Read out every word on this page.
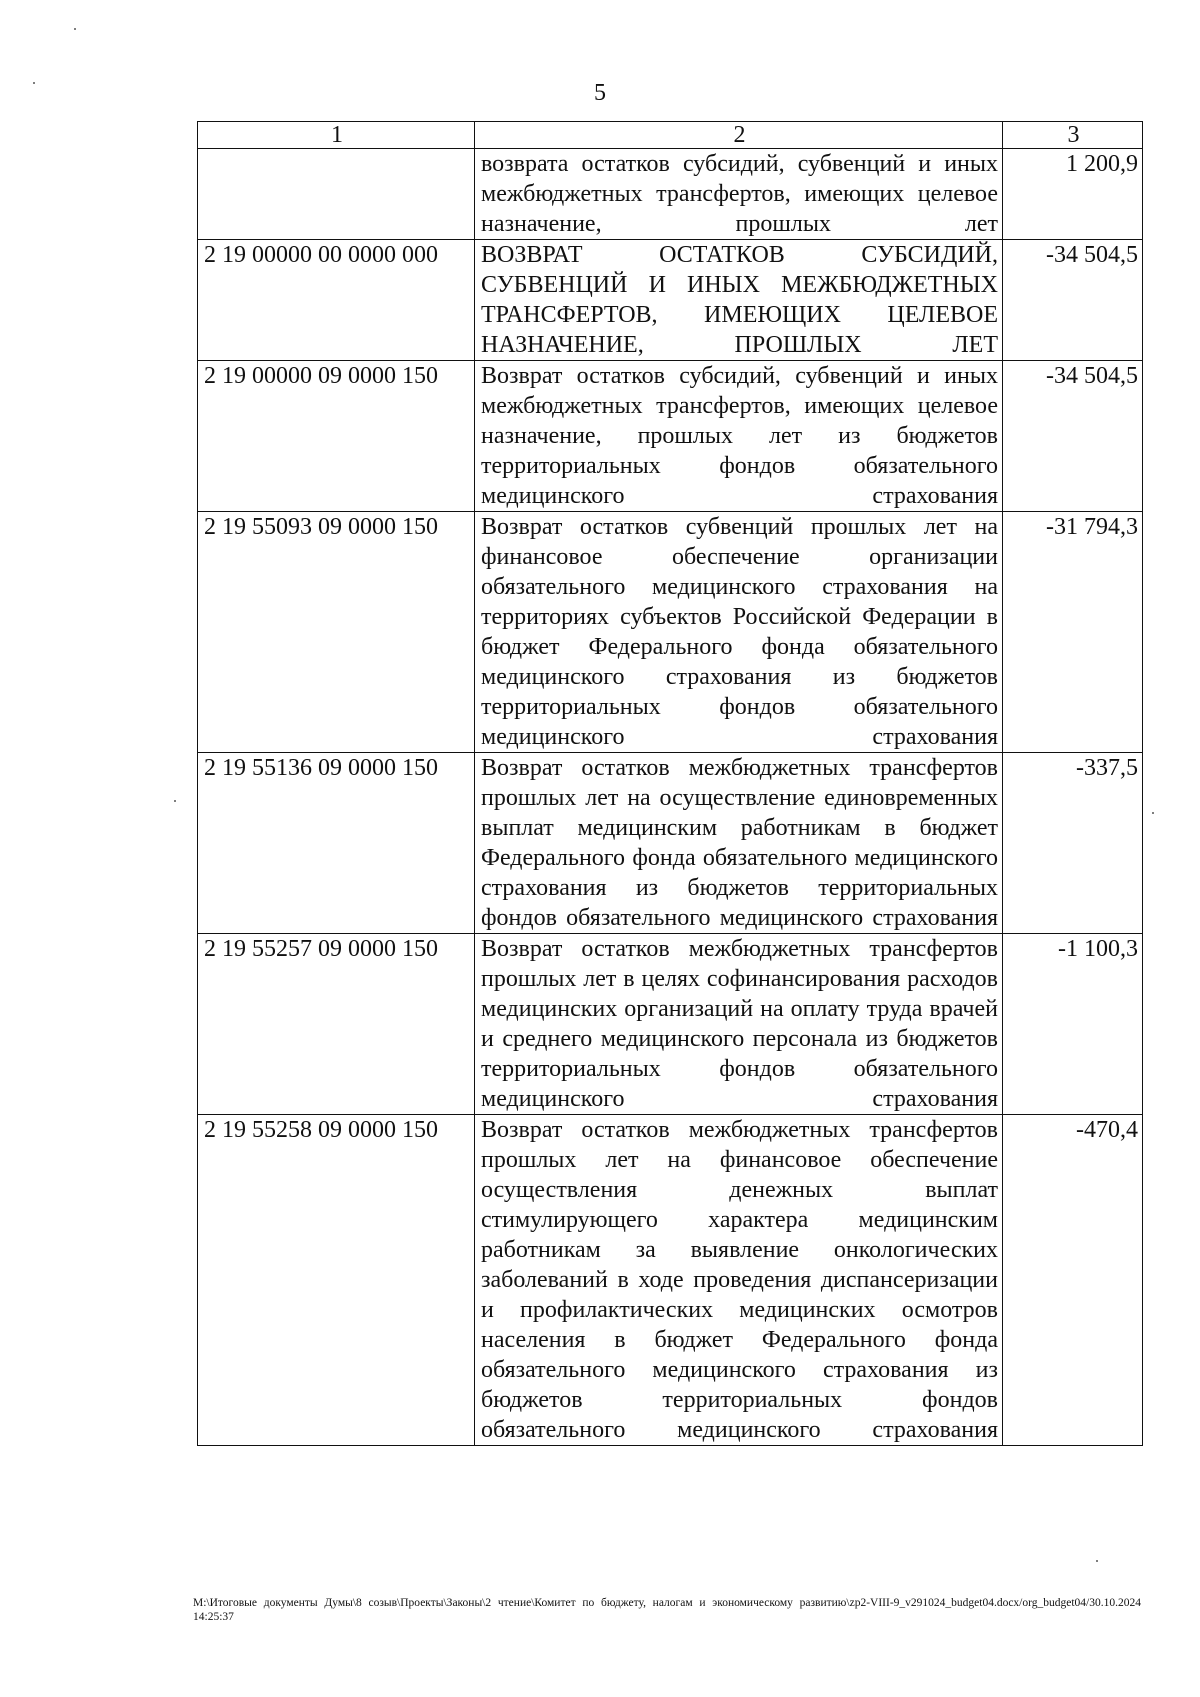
5
1	2	3
	возврата остатков субсидий, субвенций и иных межбюджетных трансфертов, имеющих целевое назначение, прошлых лет	1 200,9
2 19 00000 00 0000 000	ВОЗВРАТ ОСТАТКОВ СУБСИДИЙ, СУБВЕНЦИЙ И ИНЫХ МЕЖБЮДЖЕТНЫХ ТРАНСФЕРТОВ, ИМЕЮЩИХ ЦЕЛЕВОЕ НАЗНАЧЕНИЕ, ПРОШЛЫХ ЛЕТ	-34 504,5
2 19 00000 09 0000 150	Возврат остатков субсидий, субвенций и иных межбюджетных трансфертов, имеющих целевое назначение, прошлых лет из бюджетов территориальных фондов обязательного медицинского страхования	-34 504,5
2 19 55093 09 0000 150	Возврат остатков субвенций прошлых лет на финансовое обеспечение организации обязательного медицинского страхования на территориях субъектов Российской Федерации в бюджет Федерального фонда обязательного медицинского страхования из бюджетов территориальных фондов обязательного медицинского страхования	-31 794,3
2 19 55136 09 0000 150	Возврат остатков межбюджетных трансфертов прошлых лет на осуществление единовременных выплат медицинским работникам в бюджет Федерального фонда обязательного медицинского страхования из бюджетов территориальных фондов обязательного медицинского страхования	-337,5
2 19 55257 09 0000 150	Возврат остатков межбюджетных трансфертов прошлых лет в целях софинансирования расходов медицинских организаций на оплату труда врачей и среднего медицинского персонала из бюджетов территориальных фондов обязательного медицинского страхования	-1 100,3
2 19 55258 09 0000 150	Возврат остатков межбюджетных трансфертов прошлых лет на финансовое обеспечение осуществления денежных выплат стимулирующего характера медицинским работникам за выявление онкологических заболеваний в ходе проведения диспансеризации и профилактических медицинских осмотров населения в бюджет Федерального фонда обязательного медицинского страхования из бюджетов территориальных фондов обязательного медицинского страхования	-470,4
М:\Итоговые документы Думы\8 созыв\Проекты\Законы\2 чтение\Комитет по бюджету, налогам и экономическому развитию\zp2-VIII-9_v291024_budget04.docx/org_budget04/30.10.2024 14:25:37
